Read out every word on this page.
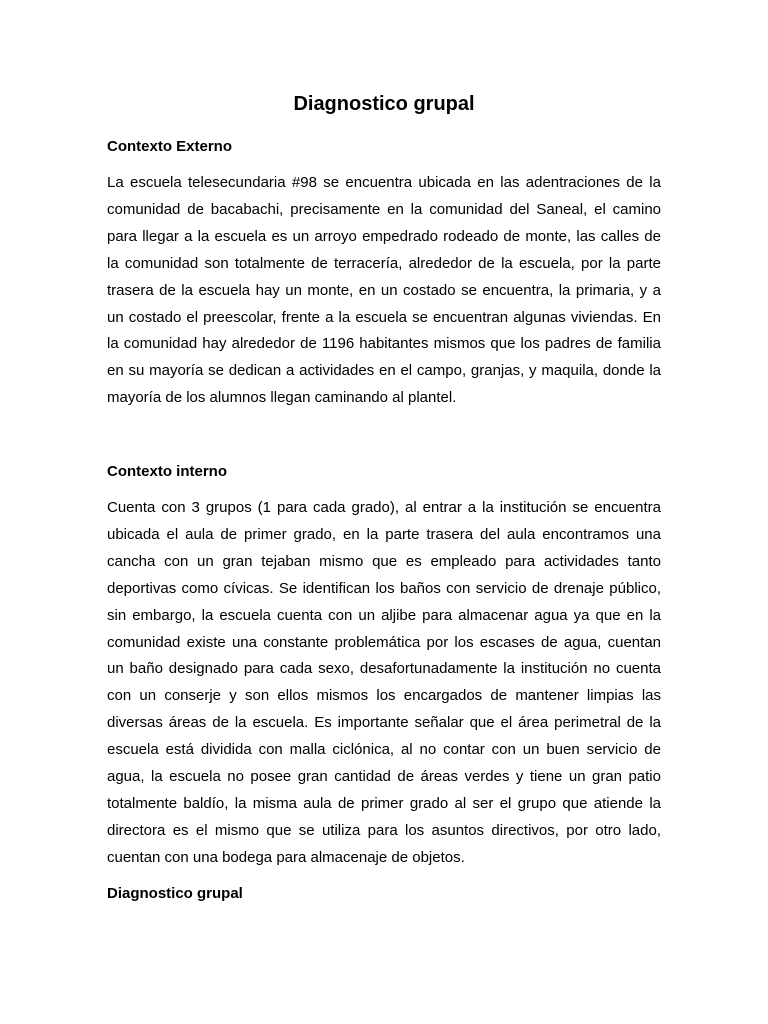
Diagnostico grupal
Contexto Externo

La escuela telesecundaria #98 se encuentra ubicada en las adentraciones de la comunidad de bacabachi, precisamente en la comunidad del Saneal, el camino para llegar a la escuela es un arroyo empedrado rodeado de monte, las calles de la comunidad son totalmente de terracería, alrededor de la escuela, por la parte trasera de la escuela hay un monte, en un costado se encuentra, la primaria, y a un costado el preescolar, frente a la escuela se encuentran algunas viviendas. En la comunidad hay alrededor de 1196 habitantes mismos que los padres de familia en su mayoría se dedican a actividades en el campo, granjas, y maquila, donde la mayoría de los alumnos llegan caminando al plantel.

Contexto interno

Cuenta con 3 grupos (1 para cada grado), al entrar a la institución se encuentra ubicada el aula de primer grado, en la parte trasera del aula encontramos una cancha con un gran tejaban mismo que es empleado para actividades tanto deportivas como cívicas. Se identifican los baños con servicio de drenaje público, sin embargo, la escuela cuenta con un aljibe para almacenar agua ya que en la comunidad existe una constante problemática por los escases de agua, cuentan un baño designado para cada sexo, desafortunadamente la institución no cuenta con un conserje y son ellos mismos los encargados de mantener limpias las diversas áreas de la escuela. Es importante señalar que el área perimetral de la escuela está dividida con malla ciclónica, al no contar con un buen servicio de agua, la escuela no posee gran cantidad de áreas verdes y tiene un gran patio totalmente baldío, la misma aula de primer grado al ser el grupo que atiende la directora es el mismo que se utiliza para los asuntos directivos, por otro lado, cuentan con una bodega para almacenaje de objetos.

Diagnostico grupal
